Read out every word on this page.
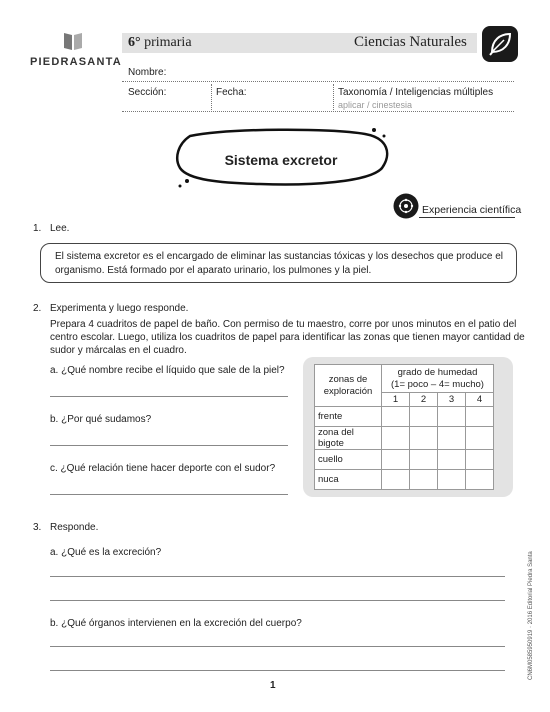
PIEDRASANTA
6° primaria	Ciencias Naturales
Nombre:
Sección:	Fecha:	Taxonomía / Inteligencias múltiples
aplicar / cinestesia
Sistema excretor
Experiencia científica
1. Lee.
El sistema excretor es el encargado de eliminar las sustancias tóxicas y los desechos que produce el
organismo. Está formado por el aparato urinario, los pulmones y la piel.
2. Experimenta y luego responde.
Prepara 4 cuadritos de papel de baño. Con permiso de tu maestro, corre por unos minutos en el patio del
centro escolar. Luego, utiliza los cuadritos de papel para identificar las zonas que tienen mayor cantidad de
sudor y márcalas en el cuadro.
a. ¿Qué nombre recibe el líquido que sale de la piel?
b. ¿Por qué sudamos?
c. ¿Qué relación tiene hacer deporte con el sudor?
zonas de
exploración	grado de humedad
(1= poco – 4= mucho)			
	1	2	3	4
frente				
zona del bigote				
cuello				
nuca				
3. Responde.
a. ¿Qué es la excreción?
b. ¿Qué órganos intervienen en la excreción del cuerpo?
1
CN6M0585950919 · 2016 Editorial Piedra Santa
